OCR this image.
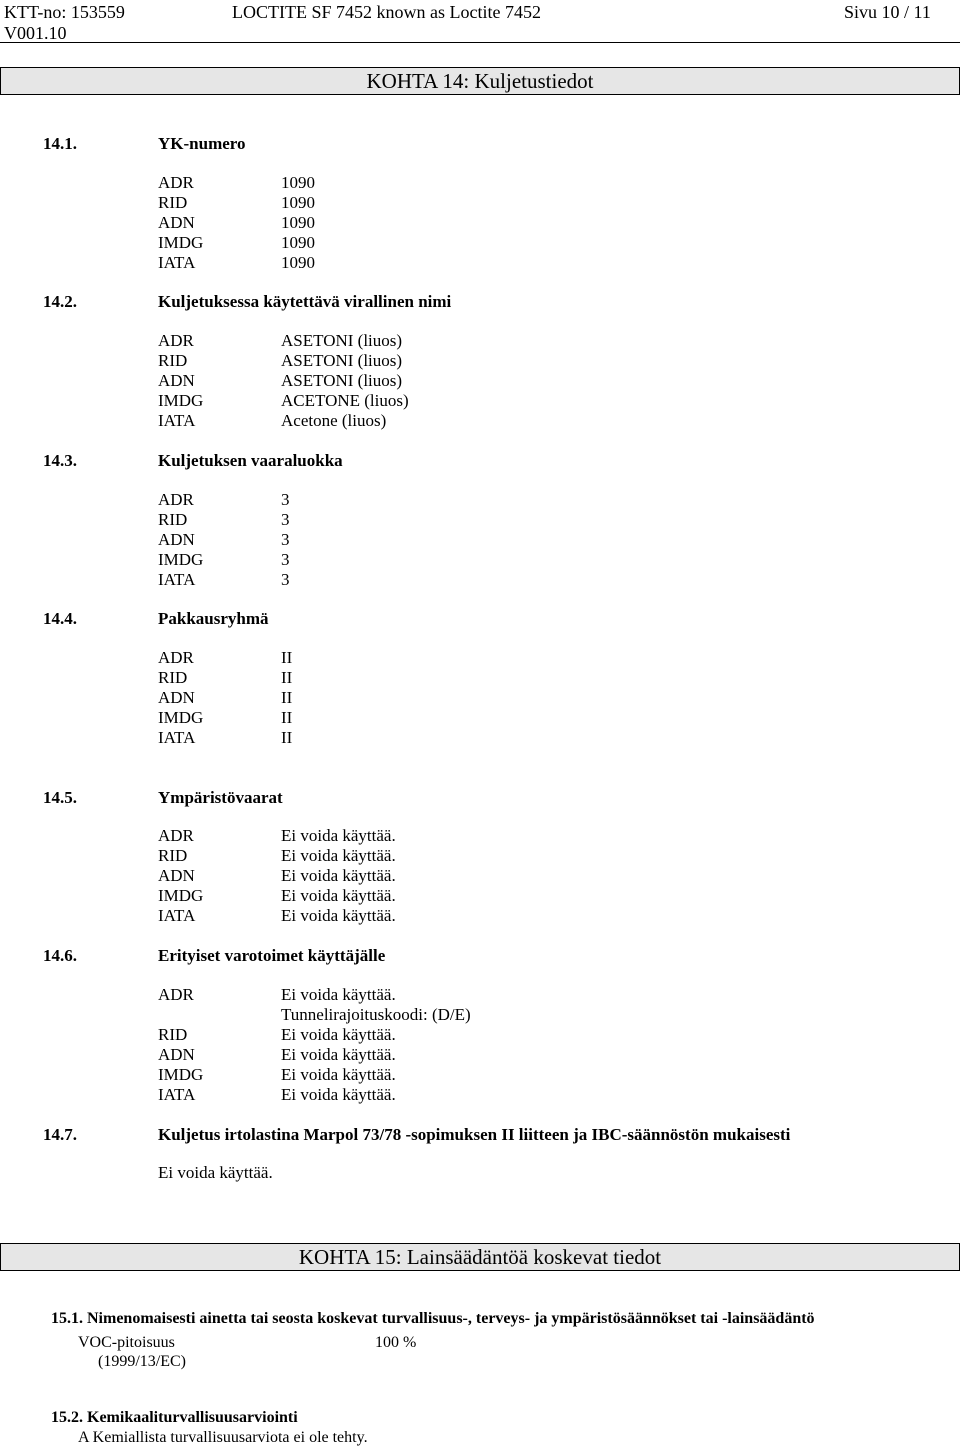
KTT-no: 153559
V001.10
LOCTITE SF 7452 known as Loctite 7452	Sivu 10 / 11
KOHTA 14: Kuljetustiedot
14.1.	YK-numero
ADR	1090
RID	1090
ADN	1090
IMDG	1090
IATA	1090
14.2.	Kuljetuksessa käytettävä virallinen nimi
ADR	ASETONI (liuos)
RID	ASETONI (liuos)
ADN	ASETONI (liuos)
IMDG	ACETONE (liuos)
IATA	Acetone (liuos)
14.3.	Kuljetuksen vaaraluokka
ADR	3
RID	3
ADN	3
IMDG	3
IATA	3
14.4.	Pakkausryhmä
ADR	II
RID	II
ADN	II
IMDG	II
IATA	II
14.5.	Ympäristövaarat
ADR	Ei voida käyttää.
RID	Ei voida käyttää.
ADN	Ei voida käyttää.
IMDG	Ei voida käyttää.
IATA	Ei voida käyttää.
14.6.	Erityiset varotoimet käyttäjälle
ADR	Ei voida käyttää.
Tunnelirajoituskoodi: (D/E)
RID	Ei voida käyttää.
ADN	Ei voida käyttää.
IMDG	Ei voida käyttää.
IATA	Ei voida käyttää.
14.7.	Kuljetus irtolastina Marpol 73/78 -sopimuksen II liitteen ja IBC-säännöstön mukaisesti
Ei voida käyttää.
KOHTA 15: Lainsäädäntöä koskevat tiedot
15.1. Nimenomaisesti ainetta tai seosta koskevat turvallisuus-, terveys- ja ympäristösäännökset tai -lainsäädäntö
VOC-pitoisuus	100 %
(1999/13/EC)
15.2. Kemikaaliturvallisuusarviointi
A Kemiallista turvallisuusarviota ei ole tehty.
